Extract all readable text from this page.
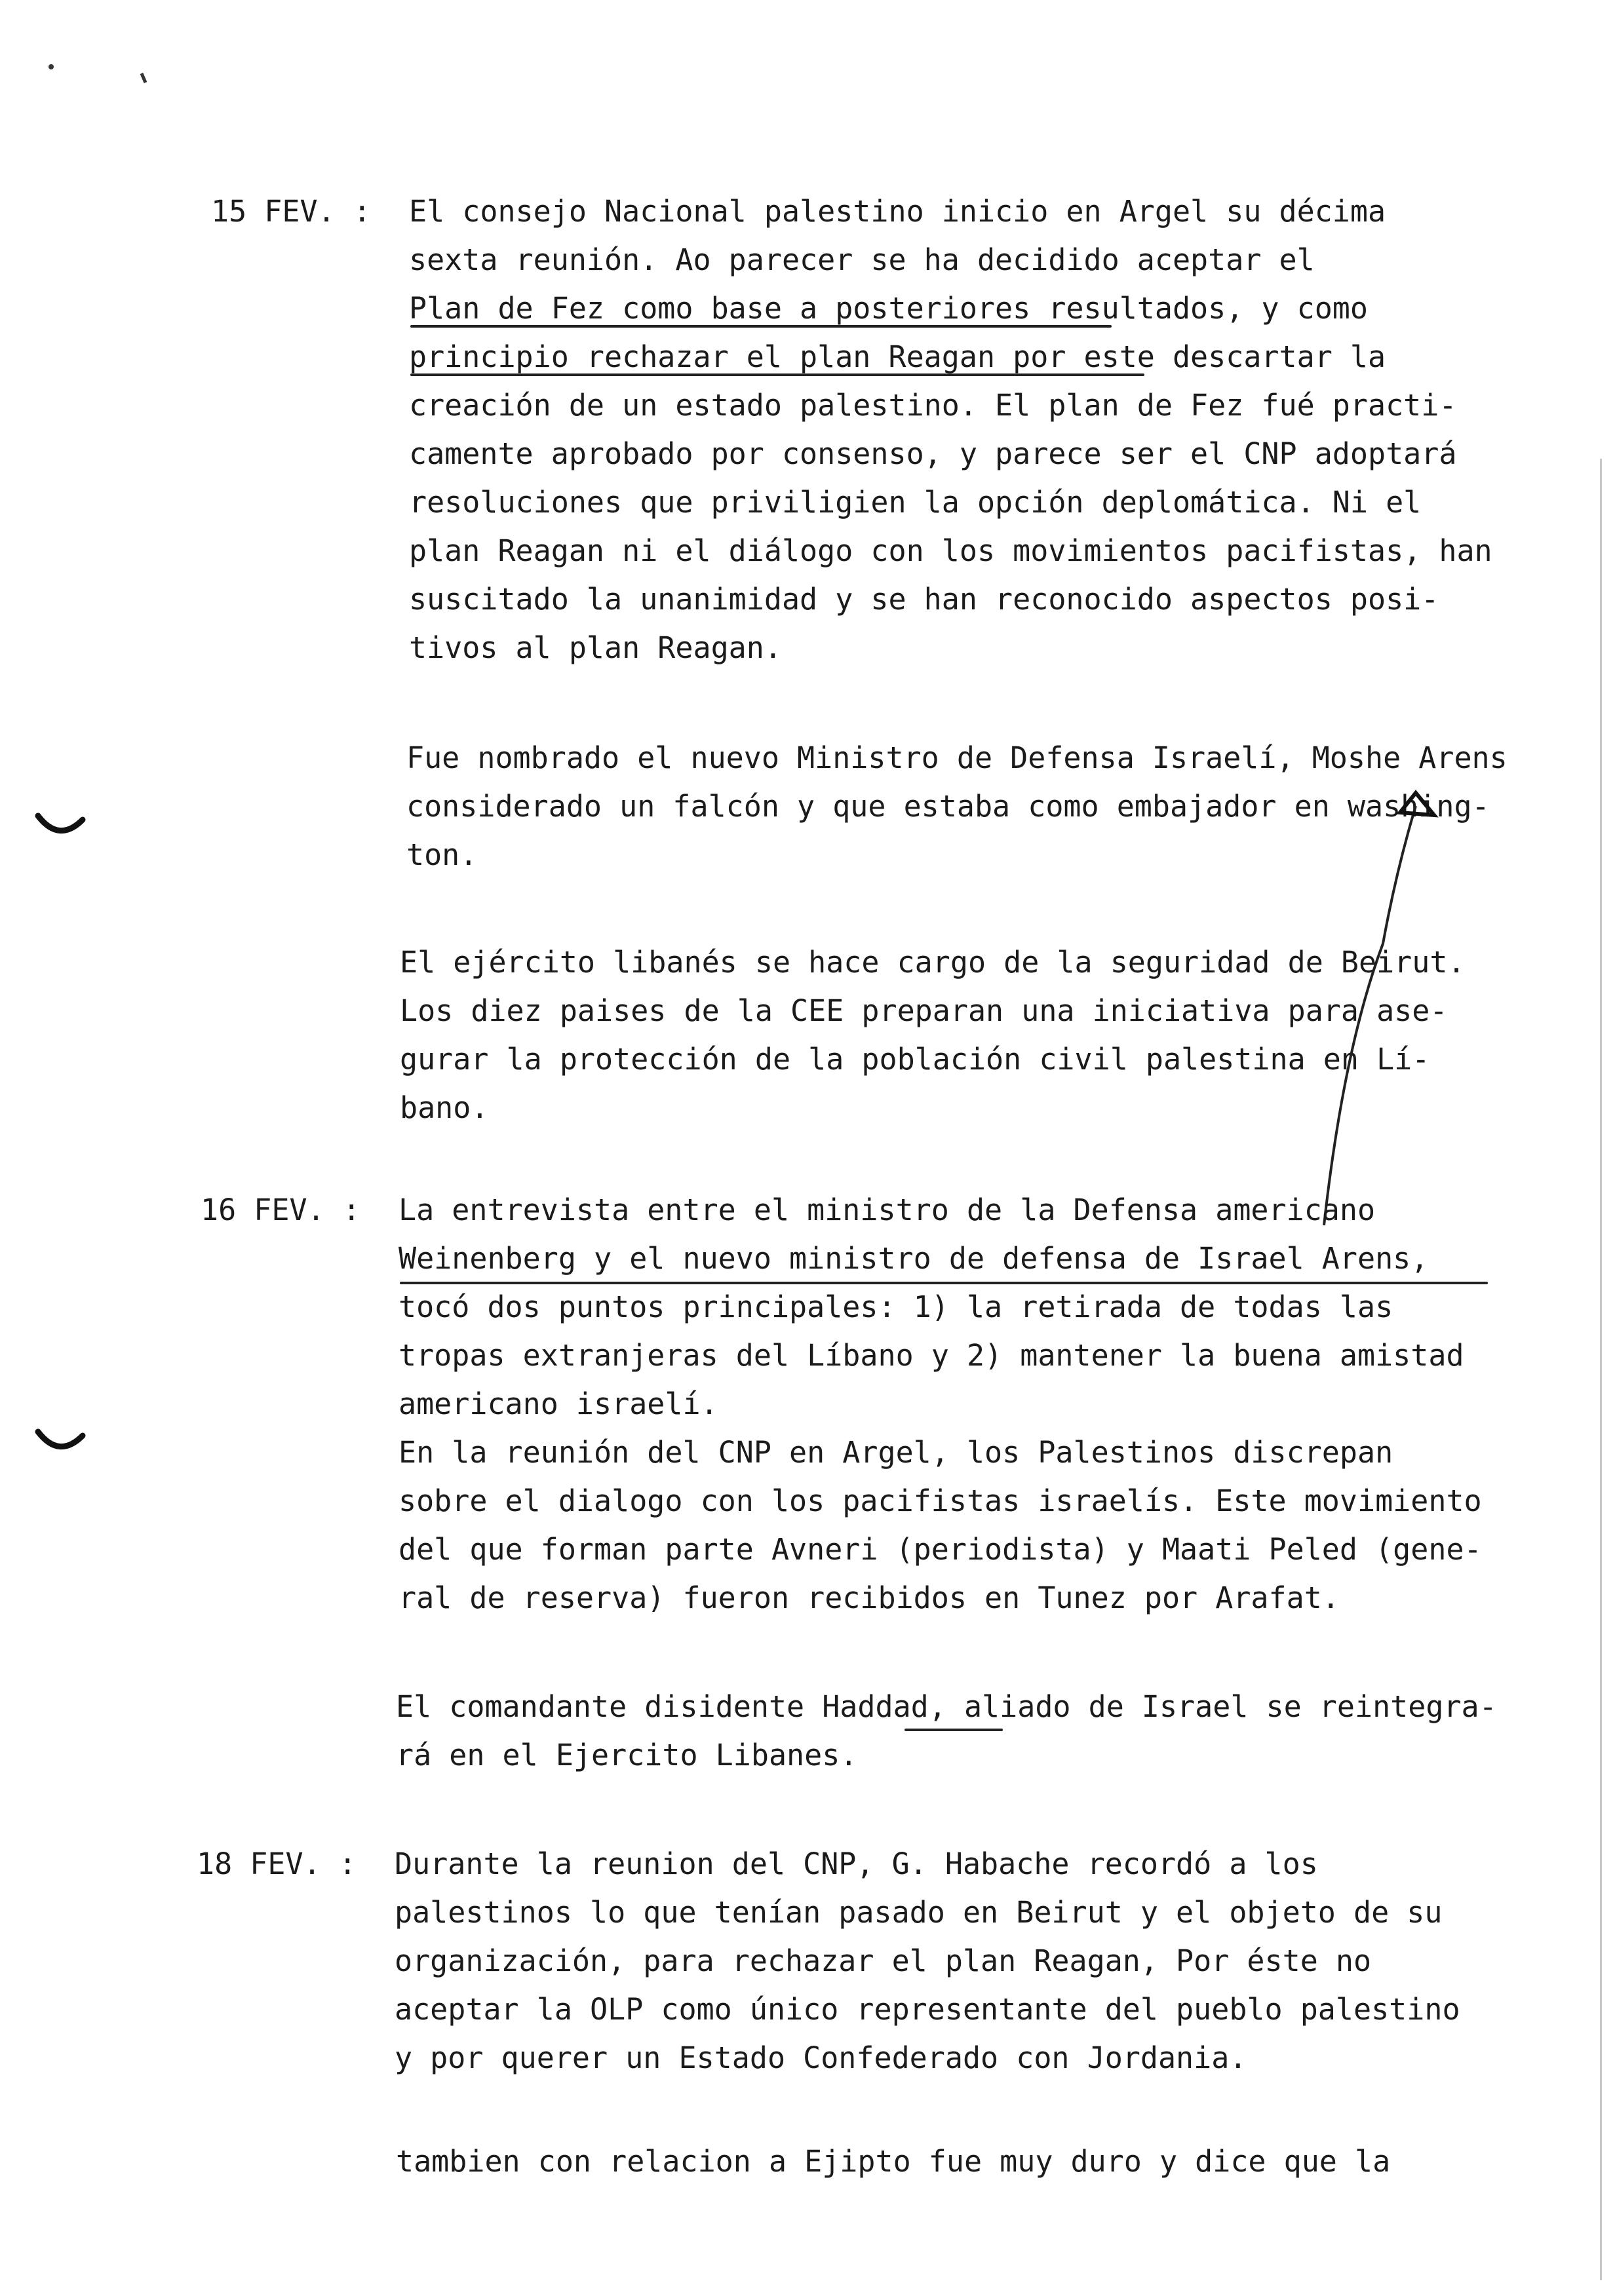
15 FEV. : El consejo Nacional palestino inicio en Argel su décima
sexta reunión. Ao parecer se ha decidido aceptar el
Plan de Fez como base a posteriores resultados, y como
principio rechazar el plan Reagan por este descartar la
creación de un estado palestino. El plan de Fez fué practi-
camente aprobado por consenso, y parece ser el CNP adoptará
resoluciones que priviligien la opción deplomática. Ni el
plan Reagan ni el diálogo con los movimientos pacifistas, han
suscitado la unanimidad y se han reconocido aspectos posi-
tivos al plan Reagan.
Fue nombrado el nuevo Ministro de Defensa Israelí, Moshe Arens
considerado un falcón y que estaba como embajador en washing-
ton.
El ejército libanés se hace cargo de la seguridad de Beirut.
Los diez paises de la CEE preparan una iniciativa para ase-
gurar la protección de la población civil palestina en Lí-
bano.
16 FEV. : La entrevista entre el ministro de la Defensa americano
Weinenberg y el nuevo ministro de defensa de Israel Arens,
tocó dos puntos principales: 1) la retirada de todas las
tropas extranjeras del Líbano y 2) mantener la buena amistad
americano israelí.
En la reunión del CNP en Argel, los Palestinos discrepan
sobre el dialogo con los pacifistas israelís. Este movimiento
del que forman parte Avneri (periodista) y Maati Peled (gene-
ral de reserva) fueron recibidos en Tunez por Arafat.
El comandante disidente Haddad, aliado de Israel se reintegra-
rá en el Ejercito Libanes.
18 FEV. : Durante la reunion del CNP, G. Habache recordó a los
palestinos lo que tenían pasado en Beirut y el objeto de su
organización, para rechazar el plan Reagan, Por éste no
aceptar la OLP como único representante del pueblo palestino
y por querer un Estado Confederado con Jordania.
tambien con relacion a Ejipto fue muy duro y dice que la
